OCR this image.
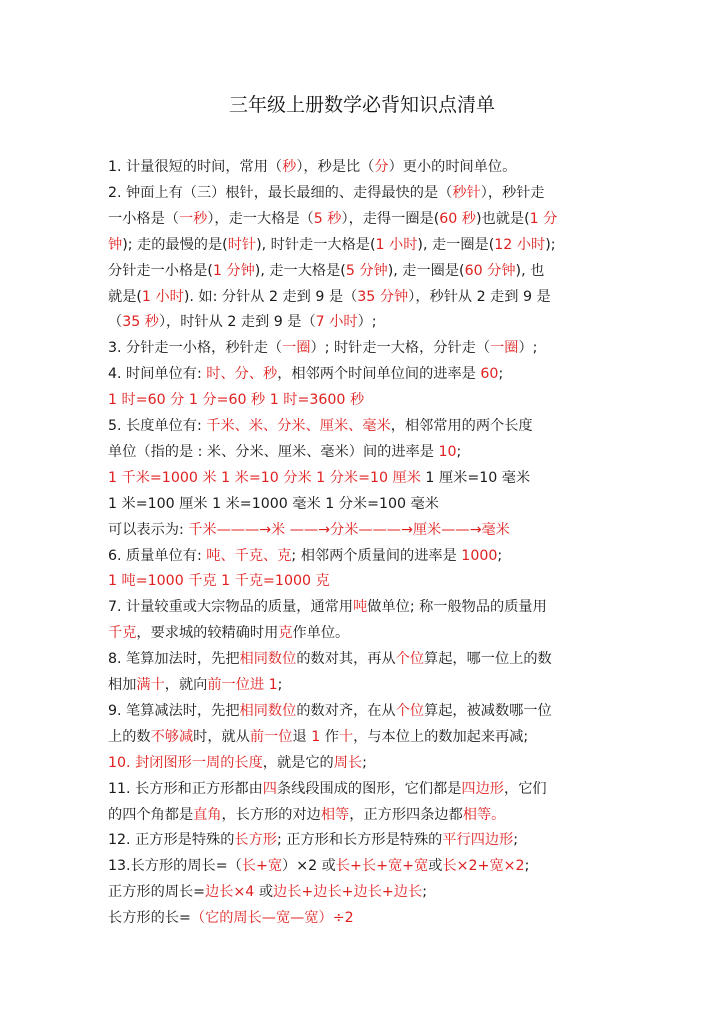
三年级上册数学必背知识点清单
1. 计量很短的时间，常用（秒），秒是比（分）更小的时间单位。
2. 钟面上有（三）根针，最长最细的、走得最快的是（秒针），秒针走
一小格是（一秒），走一大格是（5 秒），走得一圈是(60 秒)也就是(1 分
钟); 走的最慢的是(时针), 时针走一大格是(1 小时), 走一圈是(12 小时);
分针走一小格是(1 分钟), 走一大格是(5 分钟), 走一圈是(60 分钟), 也
就是(1 小时). 如: 分针从 2 走到 9 是（35 分钟），秒针从 2 走到 9 是
（35 秒），时针从 2 走到 9 是（7 小时）;
3. 分针走一小格，秒针走（一圈）; 时针走一大格，分针走（一圈）;
4. 时间单位有: 时、分、秒，相邻两个时间单位间的进率是 60;
1 时=60 分 1 分=60 秒 1 时=3600 秒
5. 长度单位有: 千米、米、分米、厘米、毫米，相邻常用的两个长度
单位（指的是 : 米、分米、厘米、毫米）间的进率是 10;
1 千米=1000 米 1 米=10 分米 1 分米=10 厘米 1 厘米=10 毫米
1 米=100 厘米 1 米=1000 毫米 1 分米=100 毫米
可以表示为: 千米———→米 ——→分米———→厘米——→毫米
6. 质量单位有: 吨、千克、克; 相邻两个质量间的进率是 1000;
1 吨=1000 千克 1 千克=1000 克
7. 计量较重或大宗物品的质量，通常用吨做单位; 称一般物品的质量用
千克，要求城的较精确时用克作单位。
8. 笔算加法时，先把相同数位的数对其，再从个位算起，哪一位上的数
相加满十，就向前一位进 1;
9. 笔算减法时，先把相同数位的数对齐，在从个位算起，被减数哪一位
上的数不够减时，就从前一位退 1 作十，与本位上的数加起来再减;
10. 封闭图形一周的长度，就是它的周长;
11. 长方形和正方形都由四条线段围成的图形，它们都是四边形，它们
的四个角都是直角，长方形的对边相等，正方形四条边都相等。
12. 正方形是特殊的长方形; 正方形和长方形是特殊的平行四边形;
13.长方形的周长=（长+宽）×2 或长+长+宽+宽或长×2+宽×2;
正方形的周长=边长×4 或边长+边长+边长+边长;
长方形的长=（它的周长—宽—宽）÷2
